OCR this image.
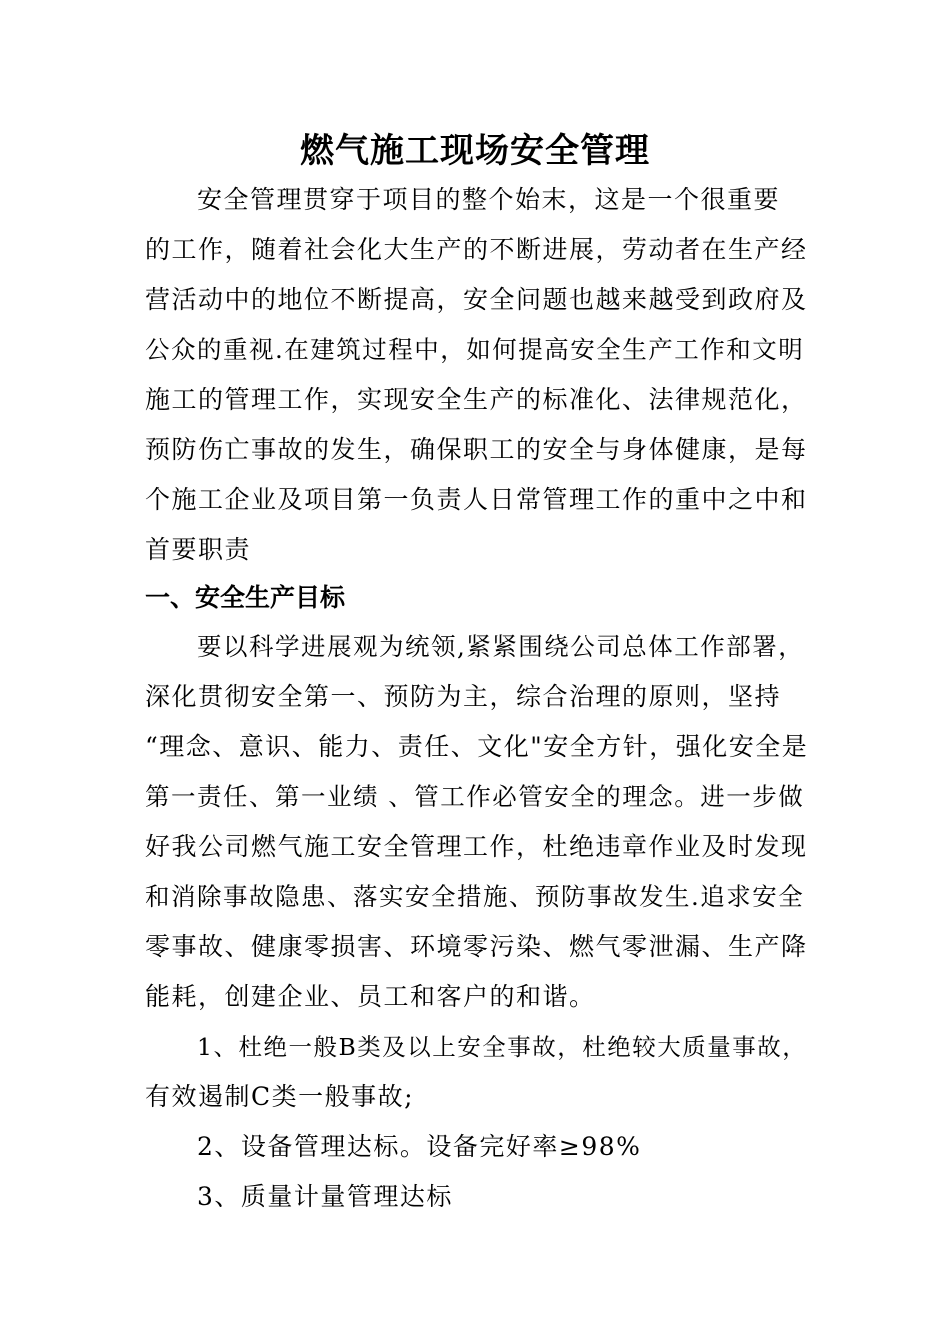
燃气施工现场安全管理
安全管理贯穿于项目的整个始末，这是一个很重要
的工作，随着社会化大生产的不断进展，劳动者在生产经
营活动中的地位不断提高，安全问题也越来越受到政府及
公众的重视.在建筑过程中，如何提高安全生产工作和文明
施工的管理工作，实现安全生产的标准化、法律规范化，
预防伤亡事故的发生，确保职工的安全与身体健康，是每
个施工企业及项目第一负责人日常管理工作的重中之中和
首要职责
一、安全生产目标
要以科学进展观为统领,紧紧围绕公司总体工作部署，
深化贯彻安全第一、预防为主，综合治理的原则，坚持
“理念、意识、能力、责任、文化"安全方针，强化安全是
第一责任、第一业绩 、管工作必管安全的理念。进一步做
好我公司燃气施工安全管理工作，杜绝违章作业及时发现
和消除事故隐患、落实安全措施、预防事故发生.追求安全
零事故、健康零损害、环境零污染、燃气零泄漏、生产降
能耗，创建企业、员工和客户的和谐。
1、杜绝一般B类及以上安全事故，杜绝较大质量事故，
有效遏制C类一般事故;
2、设备管理达标。设备完好率≥98%
3、质量计量管理达标
